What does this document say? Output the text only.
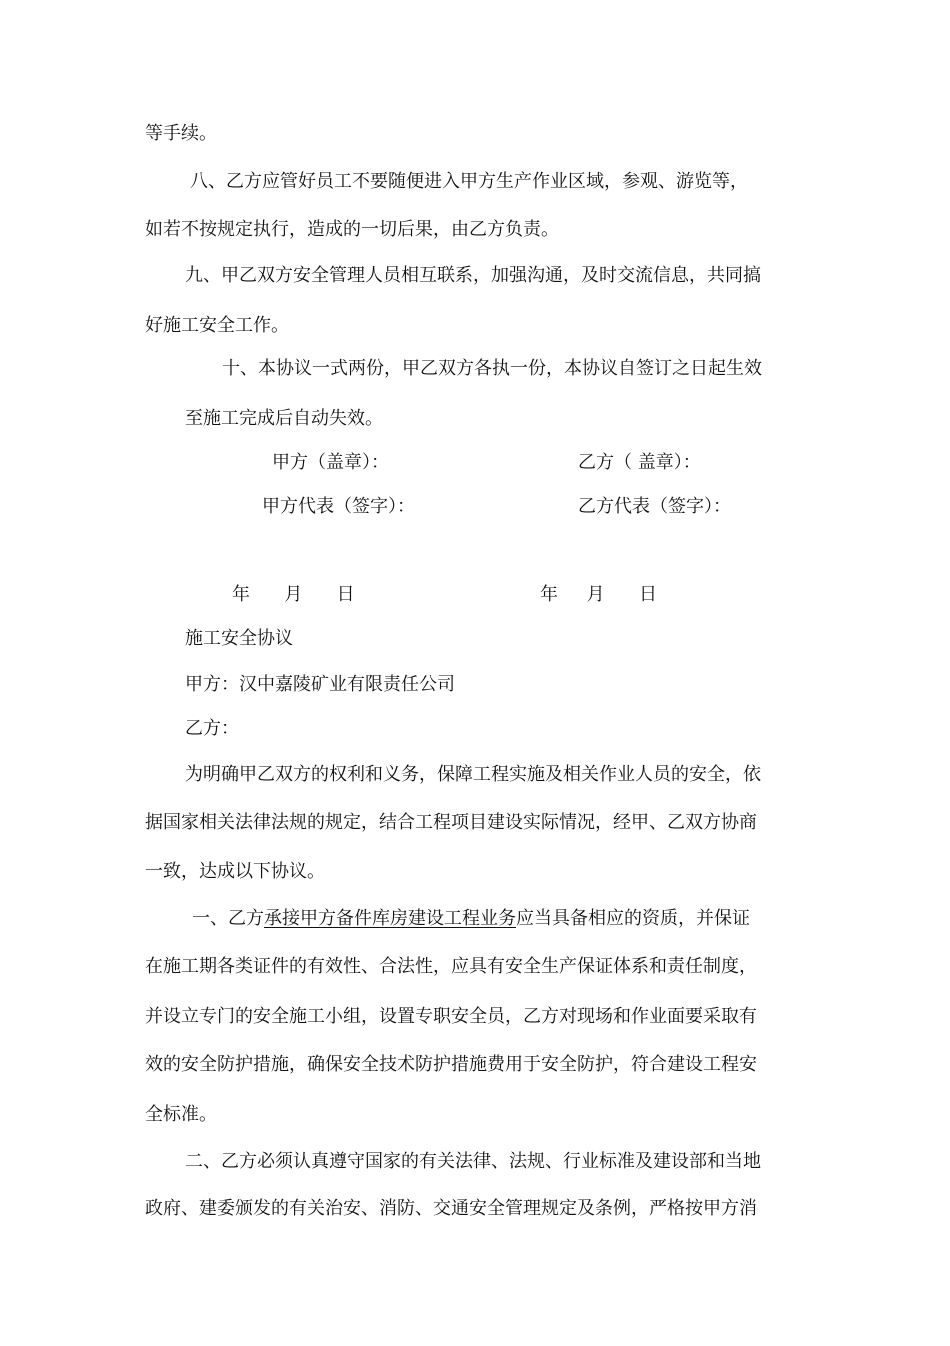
等手续。
八、乙方应管好员工不要随便进入甲方生产作业区域，参观、游览等，
如若不按规定执行，造成的一切后果，由乙方负责。
九、甲乙双方安全管理人员相互联系，加强沟通，及时交流信息，共同搞
好施工安全工作。
十、本协议一式两份，甲乙双方各执一份，本协议自签订之日起生效
至施工完成后自动失效。
甲方（盖章）：	乙方（ 盖章）：
甲方代表（签字）：	乙方代表（签字）：
年      月      日	年     月      日
施工安全协议
甲方：汉中嘉陵矿业有限责任公司
乙方：
为明确甲乙双方的权利和义务，保障工程实施及相关作业人员的安全，依
据国家相关法律法规的规定，结合工程项目建设实际情况，经甲、乙双方协商
一致，达成以下协议。
一、乙方承接甲方备件库房建设工程业务应当具备相应的资质，并保证
在施工期各类证件的有效性、合法性，应具有安全生产保证体系和责任制度，
并设立专门的安全施工小组，设置专职安全员，乙方对现场和作业面要采取有
效的安全防护措施，确保安全技术防护措施费用于安全防护，符合建设工程安
全标准。
二、乙方必须认真遵守国家的有关法律、法规、行业标准及建设部和当地
政府、建委颁发的有关治安、消防、交通安全管理规定及条例，严格按甲方消
